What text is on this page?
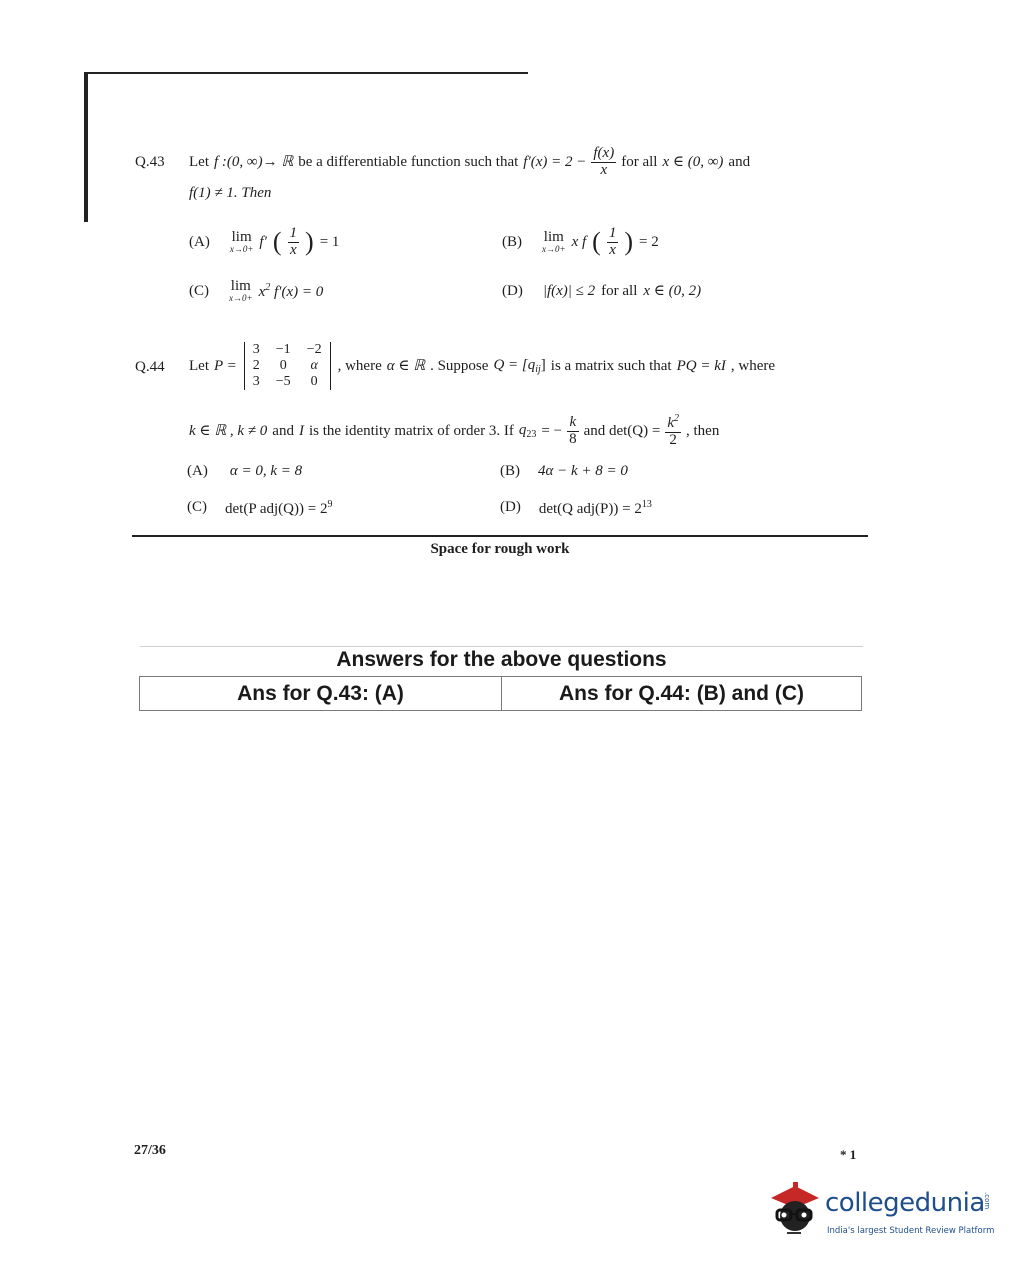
Q.43 Let f :(0, ∞)→ ℝ be a differentiable function such that $f'(x) = 2 - \frac{f(x)}{x}$ for all x ∈ (0, ∞) and
f(1) ≠ 1. Then
(A) lim
x→0+ f′ ( $\frac{1}{x}$ ) = 1	(B) lim
x→0+ x f ( $\frac{1}{x}$ ) = 2
(C) lim
$x\to 0+ x^2$ f′(x) = 0	(D) |f(x)| ≤ 2 for all x ∈ (0, 2)
Q.44 Let P =
3	−1	−2
2	0	α
3	−5	0
, where α ∈ ℝ . Suppose $Q = [q_{ij}]$ is a matrix such that PQ = kI , where
k ∈ ℝ , k ≠ 0 and I is the identity matrix of order 3. If $q_{23}$ = − $\frac{k}{8}$ and $\det(Q) = \frac{k^2}{2}$ , then
(A) α = 0, k = 8	(B) 4α − k + 8 = 0
(C) det(P $adj(Q)) = 2^9$	(D) det(Q $adj(P)) = 2^{13}$
Space for rough work
Answers for the above questions
Ans for Q.43: (A)	Ans for Q.44: (B) and (C)
27/36	* 1
collegedunia
.com
India's largest Student Review Platform
